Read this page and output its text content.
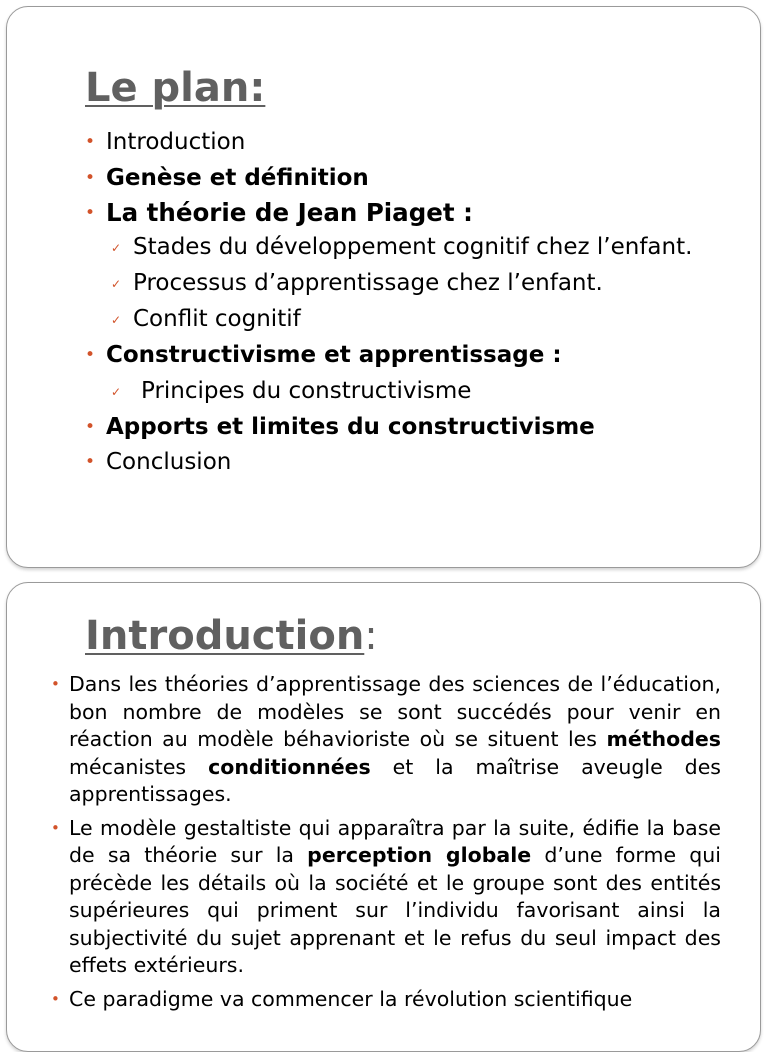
Le plan:
• Introduction
• Genèse et définition
• La théorie de Jean Piaget :
✓ Stades du développement cognitif chez l’enfant.
✓ Processus d’apprentissage chez l’enfant.
✓ Conflit cognitif
• Constructivisme et apprentissage :
✓ Principes du constructivisme
• Apports et limites du constructivisme
• Conclusion
Introduction:
• Dans les théories d’apprentissage des sciences de l’éducation, bon nombre de modèles se sont succédés pour venir en réaction au modèle béhavioriste où se situent les méthodes mécanistes conditionnées et la maîtrise aveugle des apprentissages.
• Le modèle gestaltiste qui apparaîtra par la suite, édifie la base de sa théorie sur la perception globale d’une forme qui précède les détails où la société et le groupe sont des entités supérieures qui priment sur l’individu favorisant ainsi la subjectivité du sujet apprenant et le refus du seul impact des effets extérieurs.
• Ce paradigme va commencer la révolution scientifique
